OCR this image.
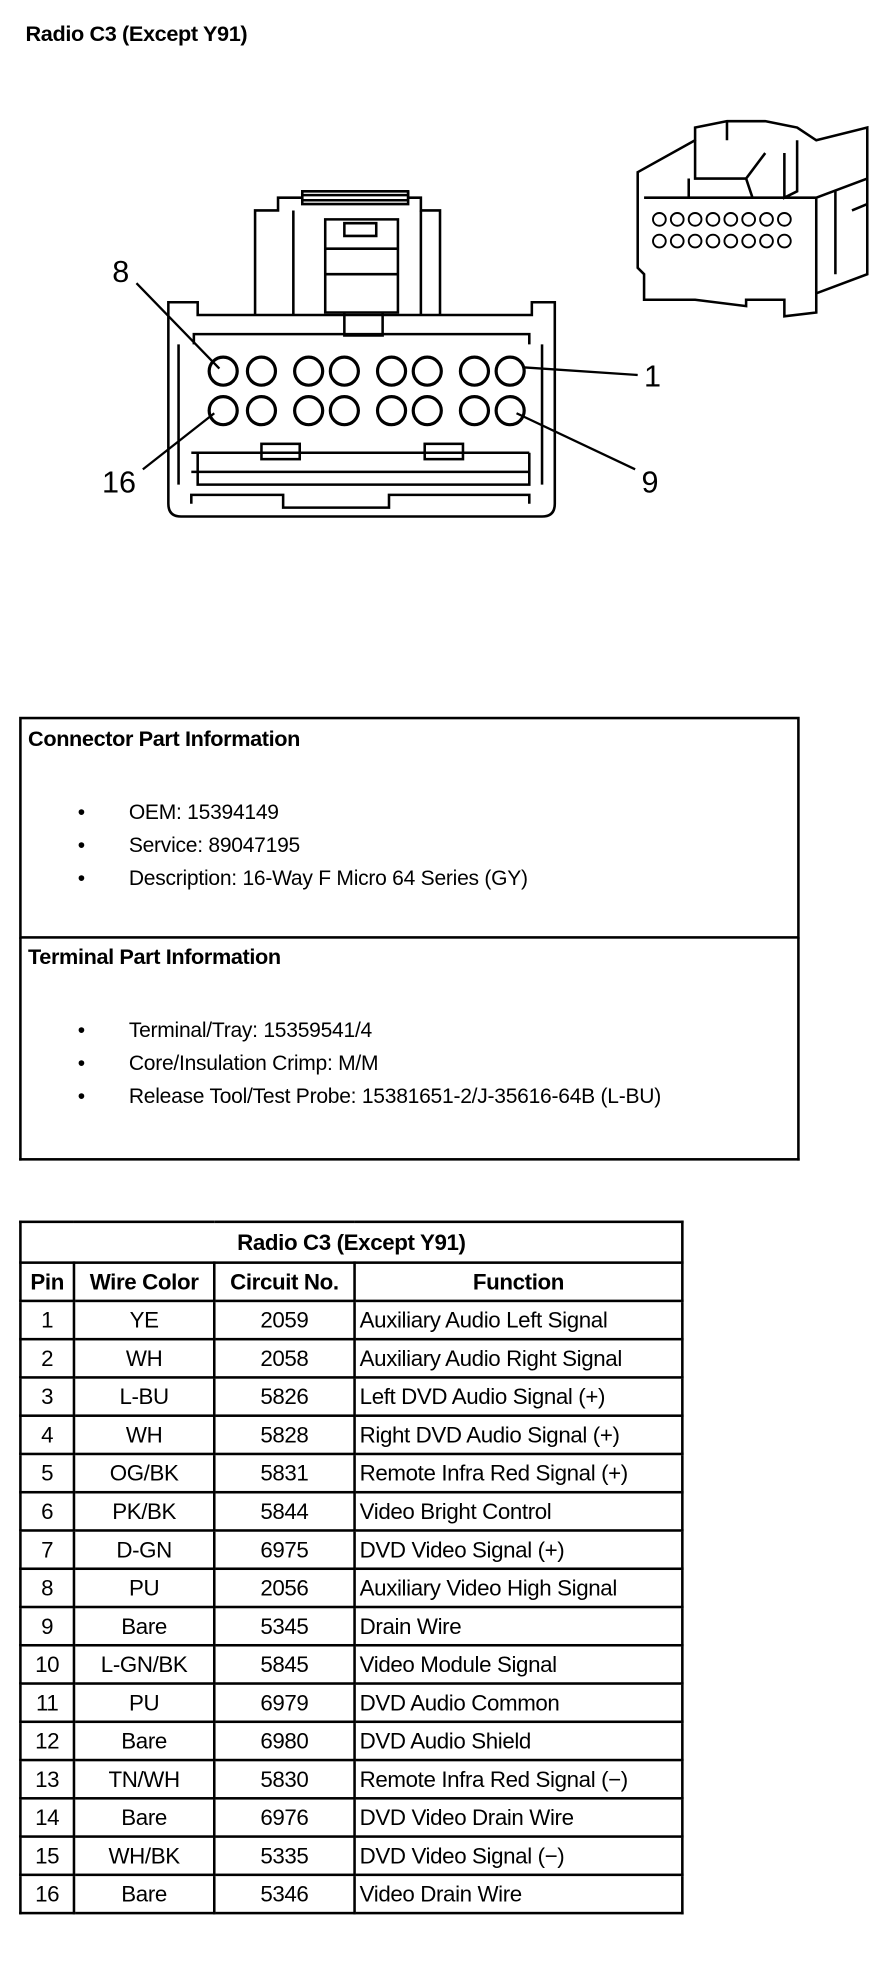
Radio C3 (Except Y91)
8
1
16	9
Connector Part Information
•	OEM: 15394149
•	Service: 89047195
•	Description: 16-Way F Micro 64 Series (GY)
Terminal Part Information
•	Terminal/Tray: 15359541/4
•	Core/Insulation Crimp: M/M
•	Release Tool/Test Probe: 15381651-2/J-35616-64B (L-BU)
Radio C3 (Except Y91)			
Pin	Wire Color	Circuit No.	Function
1	YE	2059	Auxiliary Audio Left Signal
2	WH	2058	Auxiliary Audio Right Signal
3	L-BU	5826	Left DVD Audio Signal (+)
4	WH	5828	Right DVD Audio Signal (+)
5	OG/BK	5831	Remote Infra Red Signal (+)
6	PK/BK	5844	Video Bright Control
7	D-GN	6975	DVD Video Signal (+)
8	PU	2056	Auxiliary Video High Signal
9	Bare	5345	Drain Wire
10	L-GN/BK	5845	Video Module Signal
11	PU	6979	DVD Audio Common
12	Bare	6980	DVD Audio Shield
13	TN/WH	5830	Remote Infra Red Signal (−)
14	Bare	6976	DVD Video Drain Wire
15	WH/BK	5335	DVD Video Signal (−)
16	Bare	5346	Video Drain Wire
